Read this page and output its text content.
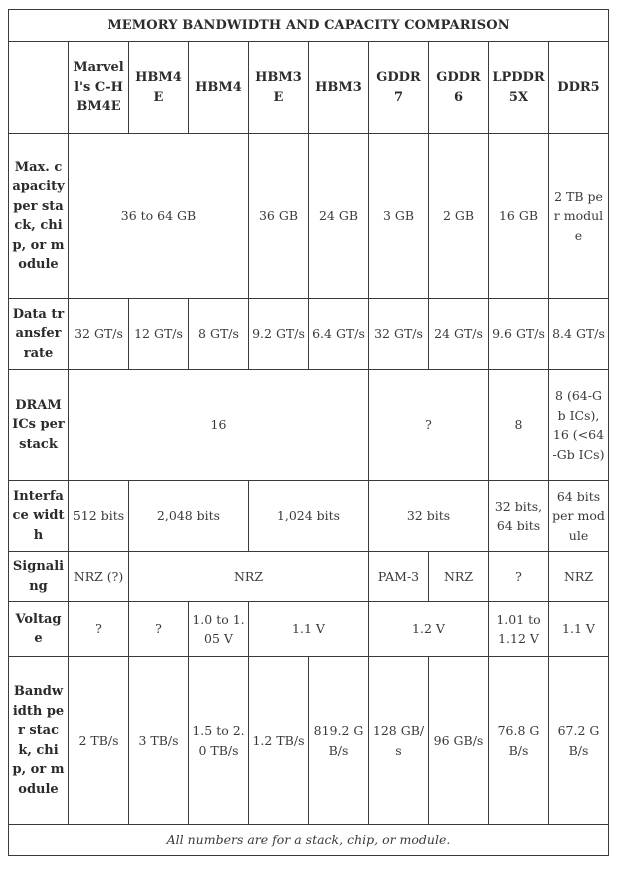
MEMORY BANDWIDTH AND CAPACITY COMPARISON									
	Marvell's C-HBM4E	HBM4E	HBM4	HBM3E	HBM3	GDDR7	GDDR6	LPDDR5X	DDR5
Max. capacity per stack, chip, or module	36 to 64 GB			36 GB	24 GB	3 GB	2 GB	16 GB	2 TB per module
Data transfer rate	32 GT/s	12 GT/s	8 GT/s	9.2 GT/s	6.4 GT/s	32 GT/s	24 GT/s	9.6 GT/s	8.4 GT/s
DRAM ICs per stack	16					?		8	8 (64-Gb ICs), 16 (<64-Gb ICs)
Interface width	512 bits	2,048 bits		1,024 bits		32 bits		32 bits, 64 bits	64 bits per module
Signaling	NRZ (?)	NRZ				PAM-3	NRZ	?	NRZ
Voltage	?	?	1.0 to 1.05 V	1.1 V		1.2 V		1.01 to 1.12 V	1.1 V
Bandwidth per stack, chip, or module	2 TB/s	3 TB/s	1.5 to 2.0 TB/s	1.2 TB/s	819.2 GB/s	128 GB/s	96 GB/s	76.8 GB/s	67.2 GB/s
All numbers are for a stack, chip, or module.									
